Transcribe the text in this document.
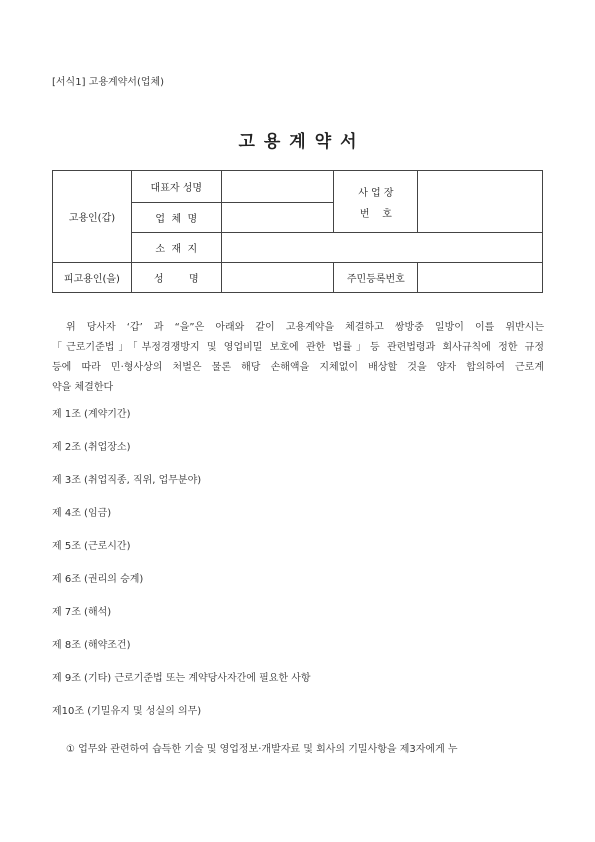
[서식1] 고용계약서(업체)
고용계약서
고용인(갑)	대표자 성명		사 업 장
번    호	

	업  체  명			
	소  재  지			
피고용인(을)	성        명		주민등록번호	

위 당사자 ‘갑’ 과 “을”은 아래와 같이 고용계약을 체결하고 쌍방중 일방이 이를 위반시는

「근로기준법」「부정경쟁방지 및 영업비밀 보호에 관한 법률」등 관련법령과 회사규칙에 정한 규정

등에 따라 민·형사상의 처벌은 물론 해당 손해액을 지체없이 배상할 것을 양자 합의하여 근로계

약을 체결한다

제 1조 (계약기간)
제 2조 (취업장소)
제 3조 (취업직종, 직위, 업무분야)
제 4조 (임금)
제 5조 (근로시간)
제 6조 (권리의 승계)
제 7조 (해석)
제 8조 (해약조건)
제 9조 (기타) 근로기준법 또는 계약당사자간에 필요한 사항
제10조 (기밀유지 및 성실의 의무)
① 업무와 관련하여 습득한 기술 및 영업정보·개발자료 및 회사의 기밀사항을 제3자에게 누
